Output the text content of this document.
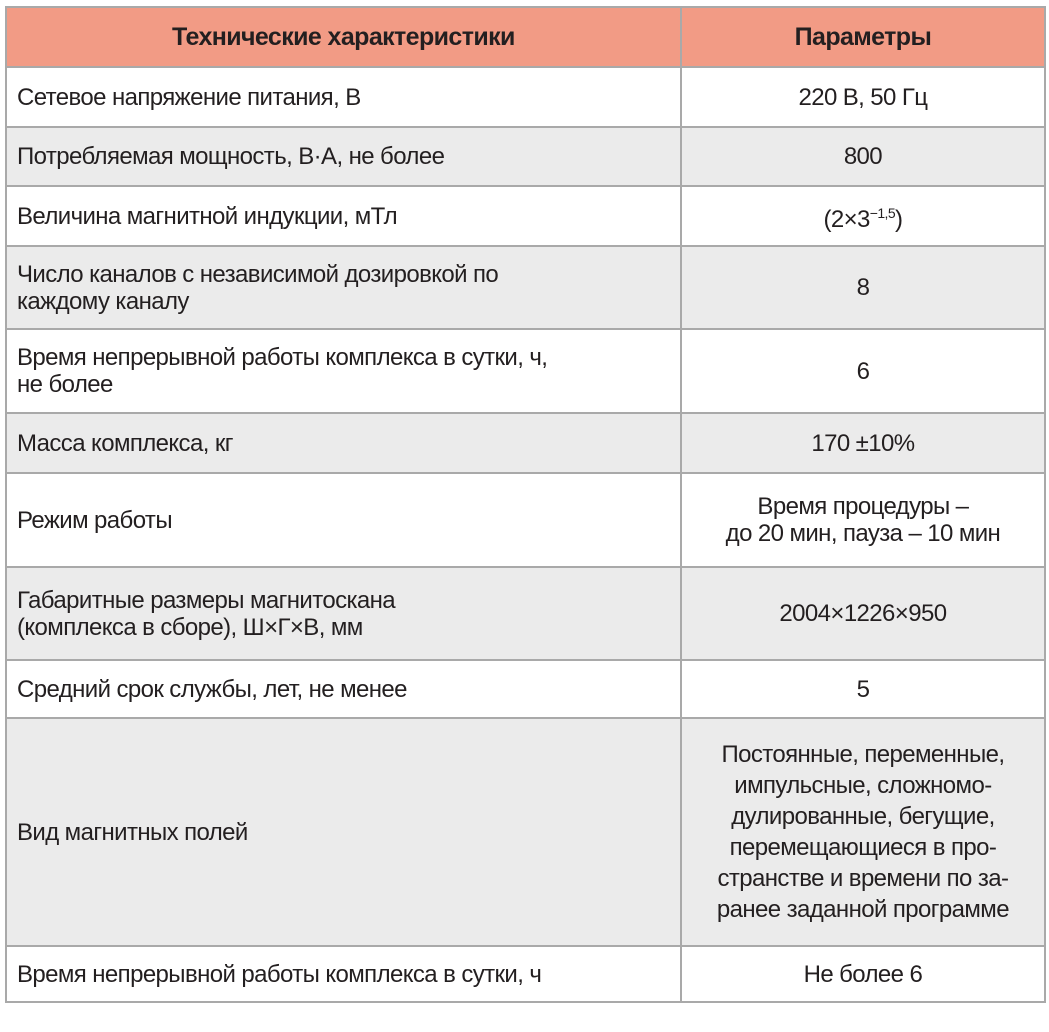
Технические характеристики	Параметры
Сетевое напряжение питания, В	220 В, 50 Гц
Потребляемая мощность, В·А, не более	800
Величина магнитной индукции, мТл	$(2\times 3^{-1,5})$
Число каналов с независимой дозировкой по
каждому каналу	8
Время непрерывной работы комплекса в сутки, ч,
не более	6
Масса комплекса, кг	170 ±10%
Режим работы	Время процедуры –
до 20 мин, пауза – 10 мин
Габаритные размеры магнитоскана
(комплекса в сборе), Ш×Г×В, мм	2004×1226×950
Средний срок службы, лет, не менее	5
Вид магнитных полей	Постоянные, переменные,
импульсные, сложномо-
дулированные, бегущие,
перемещающиеся в про-
странстве и времени по за-
ранее заданной программе
Время непрерывной работы комплекса в сутки, ч	Не более 6
